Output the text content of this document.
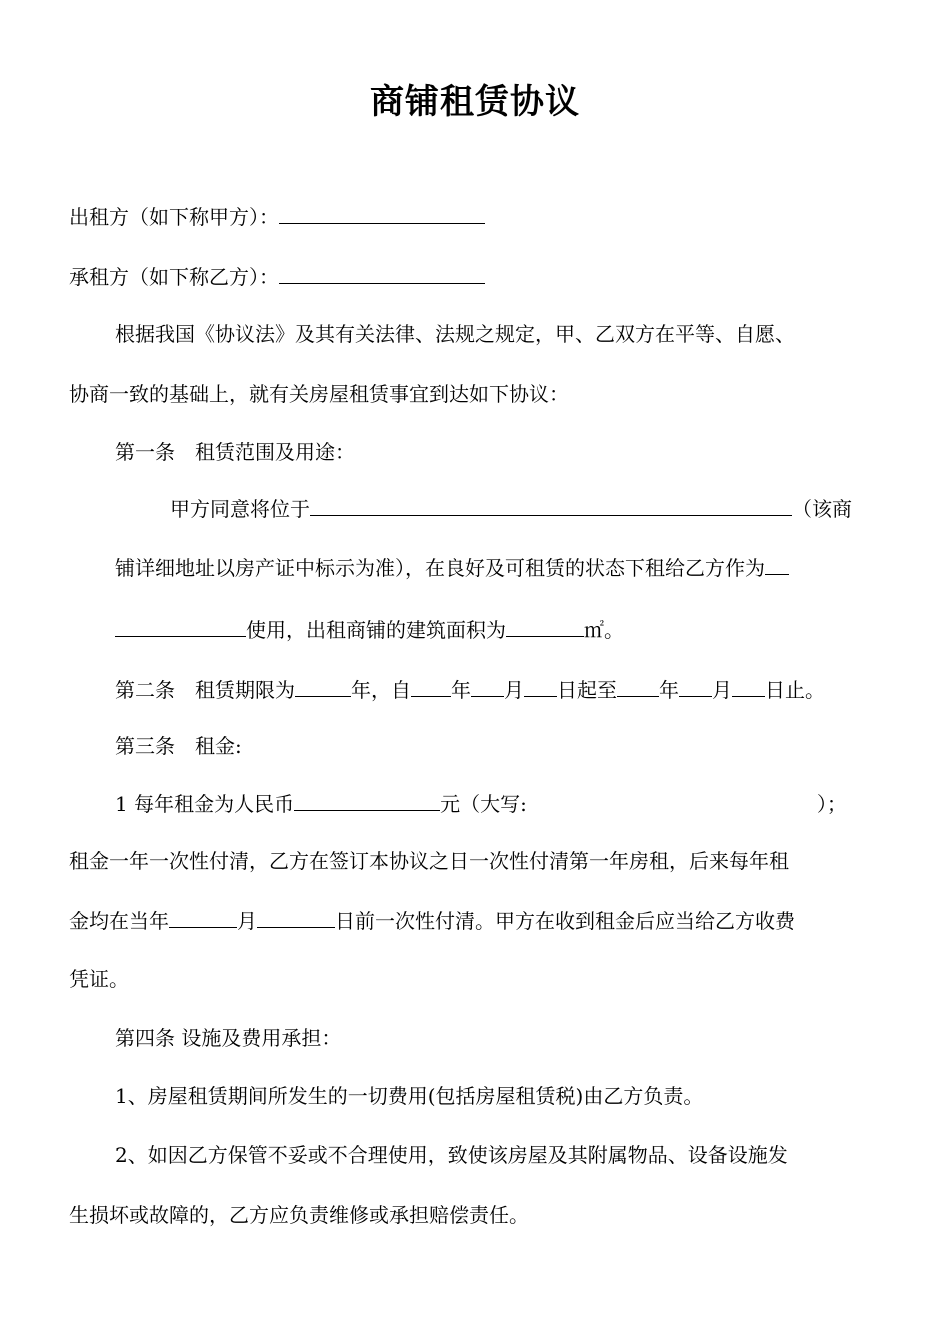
商铺租赁协议
出租方（如下称甲方）：
承租方（如下称乙方）：
根据我国《协议法》及其有关法律、法规之规定，甲、乙双方在平等、自愿、
协商一致的基础上，就有关房屋租赁事宜到达如下协议：
第一条　租赁范围及用途：
甲方同意将位于	（该商
铺详细地址以房产证中标示为准），在良好及可租赁的状态下租给乙方作为
使用，出租商铺的建筑面积为	㎡。
第二条　租赁期限为	年，自 年 月 日起至 年 月 日止。
第三条　租金:
1 每年租金为人民币	元（大写:	）；
租金一年一次性付清，乙方在签订本协议之日一次性付清第一年房租，后来每年租
金均在当年	月	日前一次性付清。甲方在收到租金后应当给乙方收费
凭证。
第四条 设施及费用承担：
1、房屋租赁期间所发生的一切费用(包括房屋租赁税)由乙方负责。
2、如因乙方保管不妥或不合理使用，致使该房屋及其附属物品、设备设施发
生损坏或故障的，乙方应负责维修或承担赔偿责任。
